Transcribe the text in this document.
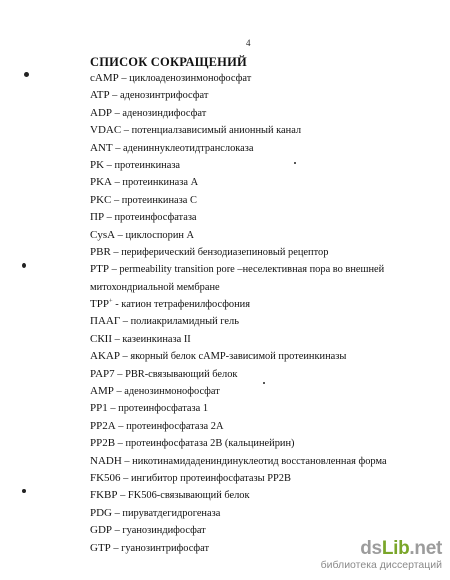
4
СПИСОК СОКРАЩЕНИЙ
cAMP – циклоаденозинмонофосфат
ATP – аденозинтрифосфат
ADP – аденозиндифосфат
VDAC – потенциалзависимый анионный канал
ANT – адениннуклеотидтранслоказа
PK – протеинкиназа
PKA – протеинкиназа A
PKC – протеинкиназа C
ПР – протеинфосфатаза
CysA – циклоспорин A
PBR – периферический бензодиазепиновый рецептор
PTP – permeability transition pore –неселективная пора во внешней
митохондриальной мембране
TPP+ - катион тетрафенилфосфония
ПААГ – полиакриламидный гель
СКII – казеинкиназа II
AKAP – якорный белок cAMP-зависимой протеинкиназы
PAP7 – PBR-связывающий белок
AMP – аденозинмонофосфат
PP1 – протеинфосфатаза 1
PP2A – протеинфосфатаза 2A
PP2B – протеинфосфатаза 2B (кальцинейрин)
NADH – никотинамидадениндинуклеотид восстановленная форма
FK506 – ингибитор протеинфосфатазы PP2B
FKBP – FK506-связывающий белок
PDG – пируватдегидрогеназа
GDP – гуанозиндифосфат
GTP – гуанозинтрифосфат	dsLib.net
библиотека диссертаций
